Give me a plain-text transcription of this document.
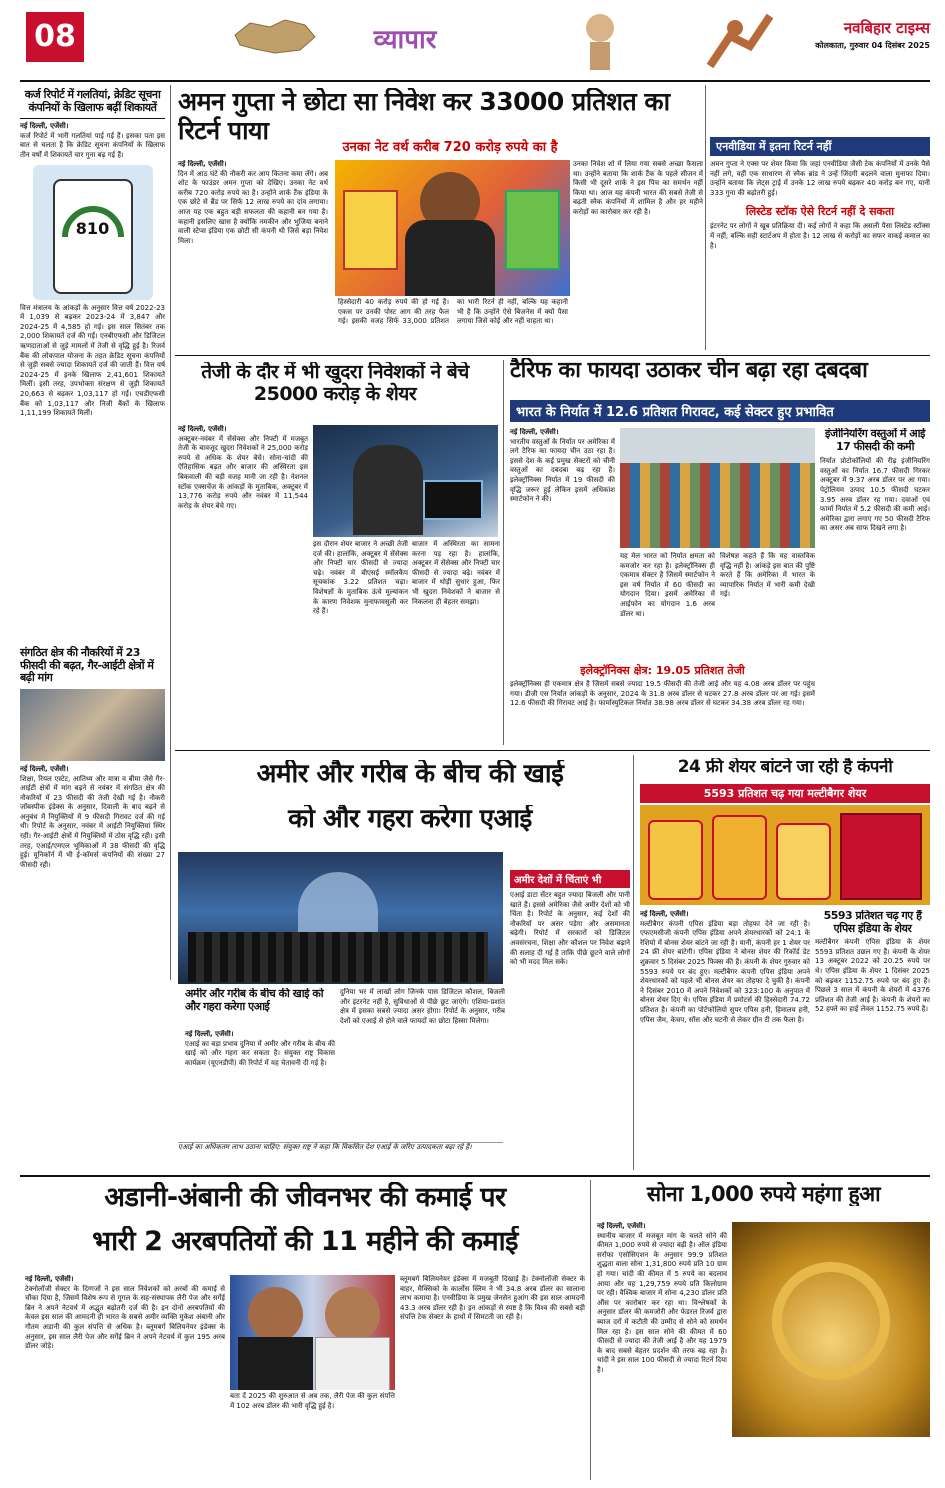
08	व्यापार	नवबिहार टाइम्स
कोलकाता, गुरुवार 04 दिसंबर 2025
कर्ज रिपोर्ट में गलतियां, क्रेडिट सूचना कंपनियों के खिलाफ बढ़ीं शिकायतें
नई दिल्ली, एजेंसी।
कर्ज रिपोर्ट में भारी गलतियां पाई गई हैं। इसका पता इस बात से चलता है कि क्रेडिट सूचना कंपनियों के खिलाफ तीन वर्षों में शिकायतें चार गुना बढ़ गई हैं।
810
वित्त मंत्रालय के आंकड़ों के अनुसार वित्त वर्ष 2022-23 में 1,039 से बढ़कर 2023-24 में 3,847 और 2024-25 में 4,585 हो गई। इस साल सितंबर तक 2,000 शिकायतें दर्ज की गईं। एनबीएफसी और डिजिटल ऋणदाताओं से जुड़े मामलों में तेजी से वृद्धि हुई है। रिजर्व बैंक की लोकपाल योजना के तहत क्रेडिट सूचना कंपनियों से जुड़ी सबसे ज्यादा शिकायतें दर्ज की जाती हैं। वित्त वर्ष 2024-25 में इनके खिलाफ 2,41,601 शिकायतें मिलीं। इसी तरह, उपभोक्ता संरक्षण से जुड़ी शिकायतें 20,663 से बढ़कर 1,03,117 हो गईं। एचडीएफसी बैंक को 1,03,117 और निजी बैंकों के खिलाफ 1,11,199 शिकायतें मिलीं।
संगठित क्षेत्र की नौकरियों में 23 फीसदी की बढ़त, गैर-आईटी क्षेत्रों में बढ़ी मांग
नई दिल्ली, एजेंसी।
शिक्षा, रियल एस्टेट, आतिथ्य और यात्रा व बीमा जैसे गैर-आईटी क्षेत्रों में मांग बढ़ने से नवंबर में संगठित क्षेत्र की नौकरियों में 23 फीसदी की तेजी देखी गई है। नौकरी जॉबस्पीक इंडेक्स के अनुसार, दिवाली के बाद बढ़ने से अनुबंध में नियुक्तियों में 9 फीसदी गिरावट दर्ज की गई थी। रिपोर्ट के अनुसार, नवंबर में आईटी नियुक्तियां स्थिर रहीं। गैर-आईटी क्षेत्रों में नियुक्तियों में ठोस वृद्धि रही। इसी तरह, एआई/एमएल भूमिकाओं में 38 फीसदी की वृद्धि हुई। यूनिकॉर्न में भी ई-कॉमर्स कंपनियों की संख्या 27 फीसदी रही।
अमन गुप्ता ने छोटा सा निवेश कर 33000 प्रतिशत का रिटर्न पाया
उनका नेट वर्थ करीब 720 करोड़ रुपये का है
नई दिल्ली, एजेंसी।
दिन में आठ घंटे की नौकरी कर आप कितना कमा लेंगे। अब शोट के फाउंडर अमन गुप्ता को देखिए। उनका नेट वर्थ करीब 720 करोड़ रुपये का है। उन्होंने शार्क टैंक इंडिया के एक छोटे से ब्रैंड पर सिर्फ 12 लाख रुपये का दांव लगाया। आज यह एक बहुत बड़ी सफलता की कहानी बन गया है। कहानी इसलिए खास है क्योंकि नमकीन और भुजिया बनाने वाली स्टेप्स इंडिया एक छोटी सी कंपनी थी जिसे बड़ा निवेश मिला।
हिस्सेदारी 40 करोड़ रुपये की हो गई है। एकस पर उनकी पोस्ट आग की तरह फैल गई। इसकी वजह सिर्फ 33,000 प्रतिशत का भारी रिटर्न ही नहीं, बल्कि यह कहानी भी है कि उन्होंने ऐसे बिजनेस में क्यों पैसा लगाया जिसे कोई और नहीं चाहता था।
उनका निवेश शो में लिया गया सबसे अच्छा फैसला था। उन्होंने बताया कि शार्क टैंक के पहले सीजन में किसी भी दूसरे शार्क ने इस पिच का समर्थन नहीं किया था। आज यह कंपनी भारत की सबसे तेजी से बढ़ती स्नैक कंपनियों में शामिल है और हर महीने करोड़ों का कारोबार कर रही है।
एनवीडिया में इतना रिटर्न नहीं
अमन गुप्ता ने एक्स पर शेयर किया कि जहां एनवीडिया जैसी टेक कंपनियों में उनके पैसे नहीं लगे, वहीं एक साधारण से स्नैक ब्रांड ने उन्हें जिंदगी बदलने वाला मुनाफा दिया। उन्होंने बताया कि लेट्स ट्राई में उनके 12 लाख रुपये बढ़कर 40 करोड़ बन गए, यानी 333 गुना की बढ़ोतरी हुई।
लिस्टेड स्टॉक ऐसे रिटर्न नहीं दे सकता
इंटरनेट पर लोगों ने खूब प्रतिक्रिया दी। कई लोगों ने कहा कि असली पैसा लिस्टेड स्टॉक्स में नहीं, बल्कि सही स्टार्टअप में होता है। 12 लाख से करोड़ों का सफर वाकई कमाल का है।
तेजी के दौर में भी खुदरा निवेशकों ने बेचे 25000 करोड़ के शेयर
नई दिल्ली, एजेंसी।
अक्टूबर-नवंबर में सेंसेक्स और निफ्टी में मजबूत तेजी के बावजूद खुदरा निवेशकों ने 25,000 करोड़ रुपये से अधिक के शेयर बेचे। सोना-चांदी की ऐतिहासिक बढ़त और बाजार की अस्थिरता इस बिकवाली की बड़ी वजह मानी जा रही है। नेशनल स्टॉक एक्सचेंज के आंकड़ों के मुताबिक, अक्टूबर में 13,776 करोड़ रुपये और नवंबर में 11,544 करोड़ के शेयर बेचे गए।
इस दौरान शेयर बाजार ने अच्छी तेजी दर्ज की। हालांकि, अक्टूबर में सेंसेक्स और निफ्टी चार फीसदी से ज्यादा चढ़े। नवंबर में बीएसई स्मॉलकैप सूचकांक 3.22 प्रतिशत चढ़ा। विशेषज्ञों के मुताबिक ऊंचे मूल्यांकन के कारण निवेशक मुनाफावसूली कर रहे हैं।
बाजार में अस्थिरता का सामना करना पड़ रहा है। हालांकि, अक्टूबर में सेंसेक्स और निफ्टी चार फीसदी से ज्यादा बढ़े। नवंबर में बाजार में थोड़ी सुधार हुआ, फिर भी खुदरा निवेशकों ने बाजार से निकलना ही बेहतर समझा।
टैरिफ का फायदा उठाकर चीन बढ़ा रहा दबदबा
भारत के निर्यात में 12.6 प्रतिशत गिरावट, कई सेक्टर हुए प्रभावित
नई दिल्ली, एजेंसी।
भारतीय वस्तुओं के निर्यात पर अमेरिका में लगे टैरिफ का फायदा चीन उठा रहा है। इससे देश के कई प्रमुख सेक्टरों को चीनी वस्तुओं का दबदबा बढ़ रहा है। इलेक्ट्रॉनिक्स निर्यात में 19 फीसदी की वृद्धि जरूर हुई लेकिन इसमें अधिकांश स्मार्टफोन ने की।
यह मेल भारत को निर्यात क्षमता को कमजोर कर रहा है। इलेक्ट्रॉनिक्स ही एकमात्र सेक्टर है जिसमें स्मार्टफोन ने इस वर्ष निर्यात में 60 फीसदी का योगदान दिया। इसमें अमेरिका में आईफोन का योगदान 1.6 अरब डॉलर था।
विशेषज्ञ कहते हैं कि यह वास्तविक वृद्धि नहीं है। आंकड़े इस बात की पुष्टि करते हैं कि अमेरिका में भारत के व्यापारिक निर्यात में भारी कमी देखी गई।
इंजीनियरिंग वस्तुओं में आई 17 फीसदी की कमी
निर्यात प्रोटोकॉलियों की रीढ़ इंजीनियरिंग वस्तुओं का निर्यात 16.7 फीसदी गिरकर अक्टूबर में 9.37 अरब डॉलर पर आ गया। पेट्रोलियम उत्पाद 10.5 फीसदी घटकर 3.95 अरब डॉलर रह गया। दवाओं एवं फार्मा निर्यात में 5.2 फीसदी की कमी आई। अमेरिका द्वारा लगाए गए 50 फीसदी टैरिफ का असर अब साफ दिखने लगा है।
इलेक्ट्रॉनिक्स क्षेत्र: 19.05 प्रतिशत तेजी
इलेक्ट्रॉनिक्स ही एकमात्र क्षेत्र है जिसमें सबसे ज्यादा 19.5 फीसदी की तेजी आई और यह 4.08 अरब डॉलर पर पहुंच गया। डीजी एस निर्यात आंकड़ों के अनुसार, 2024 के 31.8 अरब डॉलर से घटकर 27.8 अरब डॉलर पर आ गई। इसमें 12.6 फीसदी की गिरावट आई है। फार्मास्युटिकल निर्यात 38.98 अरब डॉलर से घटकर 34.38 अरब डॉलर रह गया।
अमीर और गरीब के बीच की खाई
को और गहरा करेगा एआई
अमीर और गरीब के बीच की खाई को और गहरा करेगा एआई
नई दिल्ली, एजेंसी।
एआई का बड़ा प्रभाव दुनिया में अमीर और गरीब के बीच की खाई को और गहरा कर सकता है। संयुक्त राष्ट्र विकास कार्यक्रम (यूएनडीपी) की रिपोर्ट में यह चेतावनी दी गई है।
दुनिया भर में लाखों लोग जिनके पास डिजिटल कौशल, बिजली और इंटरनेट नहीं है, सुविधाओं से पीछे छूट जाएंगे। एशिया-प्रशांत क्षेत्र में इसका सबसे ज्यादा असर होगा। रिपोर्ट के अनुसार, गरीब देशों को एआई से होने वाले फायदों का छोटा हिस्सा मिलेगा।
एआई का अधिकतम लाभ उठाना चाहिए: संयुक्त राष्ट्र ने कहा कि विकसित देश एआई के जरिए उत्पादकता बढ़ा रहे हैं।
अमीर देशों में चिंताएं भी
एआई डाटा सेंटर बहुत ज्यादा बिजली और पानी खाते हैं। इससे अमेरिका जैसे अमीर देशों को भी चिंता है। रिपोर्ट के अनुसार, कई देशों की नौकरियों पर असर पड़ेगा और असमानता बढ़ेगी। रिपोर्ट में सरकारों को डिजिटल अवसंरचना, शिक्षा और कौशल पर निवेश बढ़ाने की सलाह दी गई है ताकि पीछे छूटने वाले लोगों को भी मदद मिल सके।
24 फ्री शेयर बांटने जा रही है कंपनी
5593 प्रतिशत चढ़ गया मल्टीबैगर शेयर
नई दिल्ली, एजेंसी।
मल्टीबैगर कंपनी एपिस इंडिया बड़ा तोहफा देने जा रही है। एफएमसीजी कंपनी एपिस इंडिया अपने शेयरधारकों को 24:1 के रेशियो में बोनस शेयर बांटने जा रही है। यानी, कंपनी हर 1 शेयर पर 24 फ्री शेयर बांटेगी। एपिस इंडिया ने बोनस शेयर की रिकॉर्ड डेट शुक्रवार 5 दिसंबर 2025 फिक्स की है। कंपनी के शेयर गुरुवार को 5593 रुपये पर बंद हुए। मल्टीबैगर कंपनी एपिस इंडिया अपने शेयरधारकों को पहले भी बोनस शेयर का तोहफा दे चुकी है। कंपनी ने दिसंबर 2010 में अपने निवेशकों को 323:100 के अनुपात में बोनस शेयर दिए थे। एपिस इंडिया में प्रमोटर्स की हिस्सेदारी 74.72 प्रतिशत है। कंपनी का पोर्टफोलियो सुपर एपिस हनी, हिमालय हनी, एपिस जैम, केचप, सॉस और चटनी से लेकर ग्रीन टी तक फैला है।
5593 प्रतिशत चढ़ गए हैं एपिस इंडिया के शेयर
मल्टीबैगर कंपनी एपिस इंडिया के शेयर 5593 प्रतिशत उछल गए हैं। कंपनी के शेयर 13 अक्टूबर 2022 को 20.25 रुपये पर थे। एपिस इंडिया के शेयर 1 दिसंबर 2025 को बढ़कर 1152.75 रुपये पर बंद हुए हैं। पिछले 3 साल में कंपनी के शेयरों में 4376 प्रतिशत की तेजी आई है। कंपनी के शेयरों का 52 हफ्ते का हाई लेवल 1152.75 रुपये है।
अडानी-अंबानी की जीवनभर की कमाई पर
भारी 2 अरबपतियों की 11 महीने की कमाई
नई दिल्ली, एजेंसी।
टेक्नोलॉजी सेक्टर के दिग्गजों ने इस साल निवेशकों को अरबों की कमाई से चौंका दिया है, जिसमें विशेष रूप से गूगल के सह-संस्थापक लैरी पेज और सर्गेई ब्रिन ने अपने नेटवर्थ में अद्भुत बढ़ोतरी दर्ज की है। इन दोनों अरबपतियों की केवल इस साल की आमदनी ही भारत के सबसे अमीर व्यक्ति मुकेश अंबानी और गौतम अडानी की कुल संपत्ति से अधिक है। ब्लूमबर्ग बिलियनेयर इंडेक्स के अनुसार, इस साल लैरी पेज और सर्गेई ब्रिन ने अपने नेटवर्थ में कुल 195 अरब डॉलर जोड़े।
बता दें 2025 की शुरुआत से अब तक, लैरी पेज की कुल संपत्ति में 102 अरब डॉलर की भारी वृद्धि हुई है।
ब्लूमबर्ग बिलियनेयर इंडेक्स में मजबूती दिखाई है। टेक्नोलॉजी सेक्टर के बाहर, मैक्सिको के कार्लोस स्लिम ने भी 34.8 अरब डॉलर का सालाना लाभ कमाया है। एनवीडिया के प्रमुख जेनसेन हुआंग की इस साल आमदनी 43.3 अरब डॉलर रही है। इन आंकड़ों से स्पष्ट है कि विश्व की सबसे बड़ी संपत्ति टेक सेक्टर के हाथों में सिमटती जा रही है।
सोना 1,000 रुपये महंगा हुआ
नई दिल्ली, एजेंसी।
स्थानीय बाजार में मजबूत मांग के चलते सोने की कीमत 1,000 रुपये से ज्यादा बढ़ी है। ऑल इंडिया सर्राफा एसोसिएशन के अनुसार 99.9 प्रतिशत शुद्धता वाला सोना 1,31,800 रुपये प्रति 10 ग्राम हो गया। चांदी की कीमत में 5 रुपये का बदलाव आया और यह 1,29,759 रुपये प्रति किलोग्राम पर रही। वैश्विक बाजार में सोना 4,230 डॉलर प्रति औंस पर कारोबार कर रहा था। विश्लेषकों के अनुसार डॉलर की कमजोरी और फेडरल रिजर्व द्वारा ब्याज दरों में कटौती की उम्मीद से सोने को समर्थन मिल रहा है। इस साल सोने की कीमत में 60 फीसदी से ज्यादा की तेजी आई है और यह 1979 के बाद सबसे बेहतर प्रदर्शन की तरफ बढ़ रहा है। चांदी ने इस साल 100 फीसदी से ज्यादा रिटर्न दिया है।
